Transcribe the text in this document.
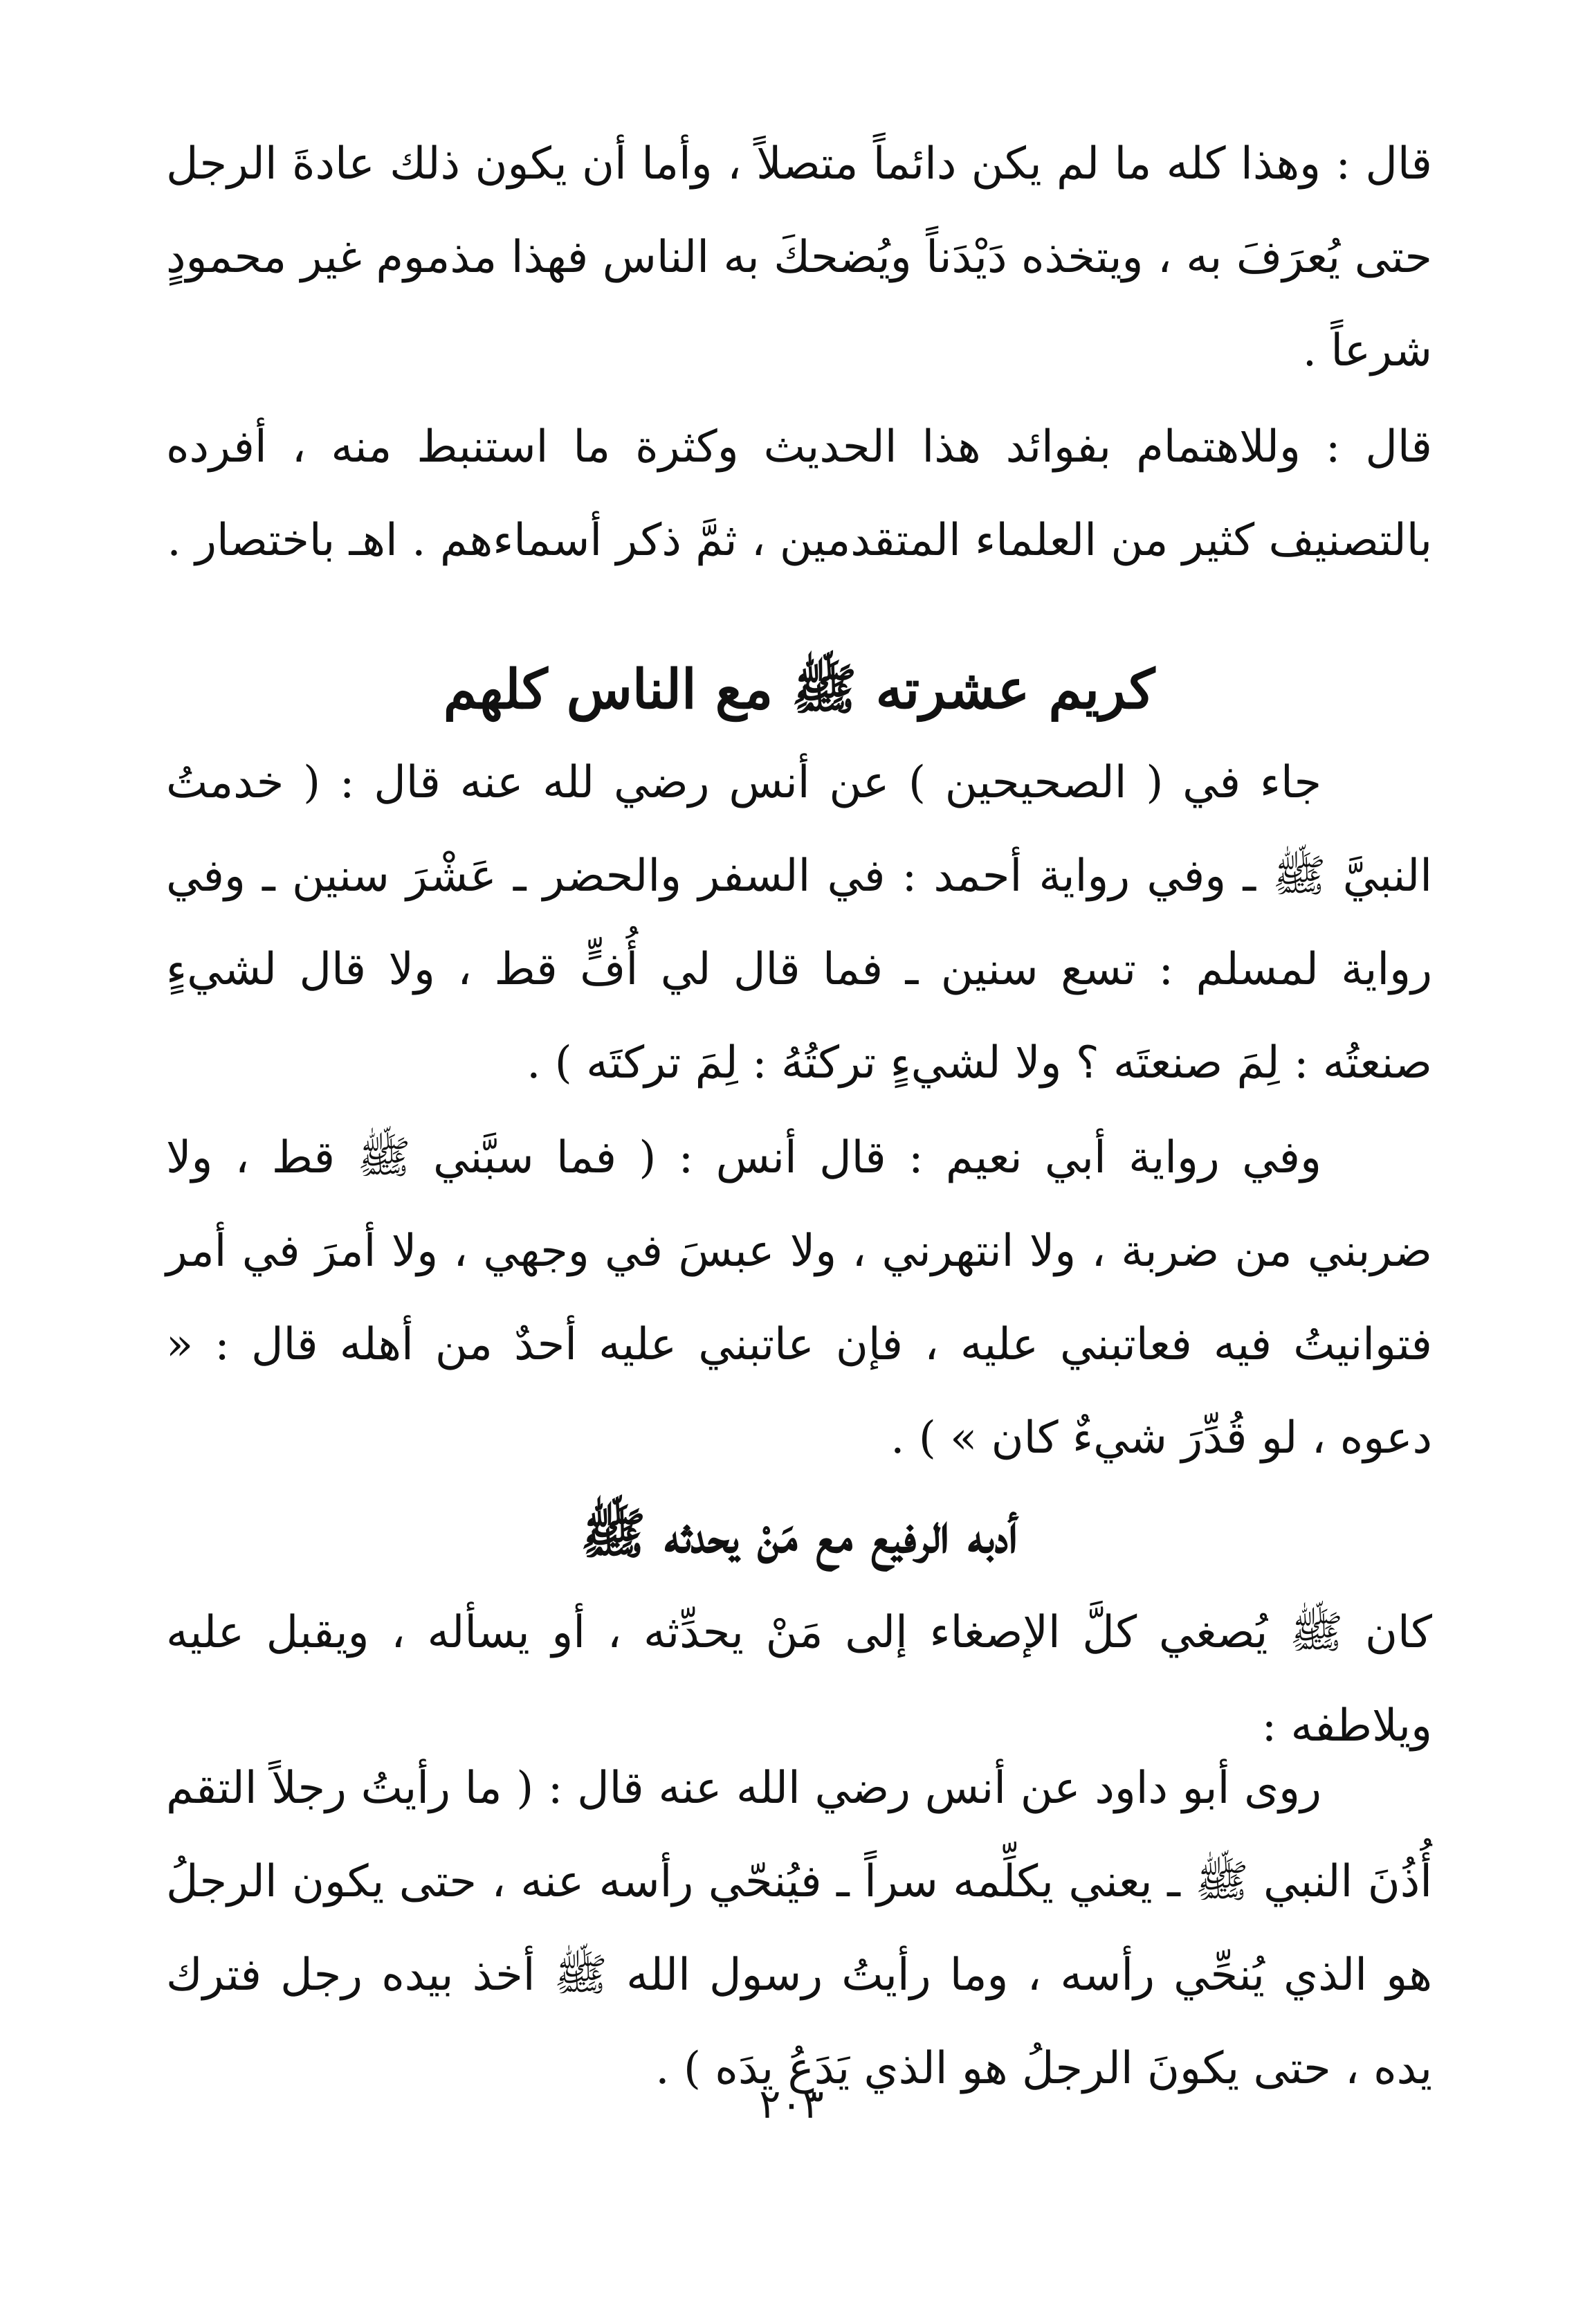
قال : وهذا كله ما لم يكن دائماً متصلاً ، وأما أن يكون ذلك عادةَ الرجل حتى يُعرَفَ به ، ويتخذه دَيْدَناً ويُضحكَ به الناس فهذا مذموم غير محمودٍ شرعاً .

قال : وللاهتمام بفوائد هذا الحديث وكثرة ما استنبط منه ، أفرده بالتصنيف كثير من العلماء المتقدمين ، ثمَّ ذكر أسماءهم . اهـ باختصار .

كريم عشرته ﷺ مع الناس كلهم

جاء في ( الصحيحين ) عن أنس رضي لله عنه قال : ( خدمتُ النبيَّ ﷺ ـ وفي رواية أحمد : في السفر والحضر ـ عَشْرَ سنين ـ وفي رواية لمسلم : تسع سنين ـ فما قال لي أُفٍّ قط ، ولا قال لشيءٍ صنعتُه : لِمَ صنعتَه ؟ ولا لشيءٍ تركتُهُ : لِمَ تركتَه ) .

وفي رواية أبي نعيم : قال أنس : ( فما سبَّني ﷺ قط ، ولا ضربني من ضربة ، ولا انتهرني ، ولا عبسَ في وجهي ، ولا أمرَ في أمر فتوانيتُ فيه فعاتبني عليه ، فإن عاتبني عليه أحدٌ من أهله قال : « دعوه ، لو قُدِّرَ شيءٌ كان » ) .

أدبه الرفيع مع مَنْ يحدثه ﷺ

كان ﷺ يُصغي كلَّ الإصغاء إلى مَنْ يحدِّثه ، أو يسأله ، ويقبل عليه ويلاطفه :

روى أبو داود عن أنس رضي الله عنه قال : ( ما رأيتُ رجلاً التقم أُذُنَ النبي ﷺ ـ يعني يكلِّمه سراً ـ فيُنحّي رأسه عنه ، حتى يكون الرجلُ هو الذي يُنحِّي رأسه ، وما رأيتُ رسول الله ﷺ أخذ بيده رجل فترك يده ، حتى يكونَ الرجلُ هو الذي يَدَعُ يدَه ) .

٢٠٣
